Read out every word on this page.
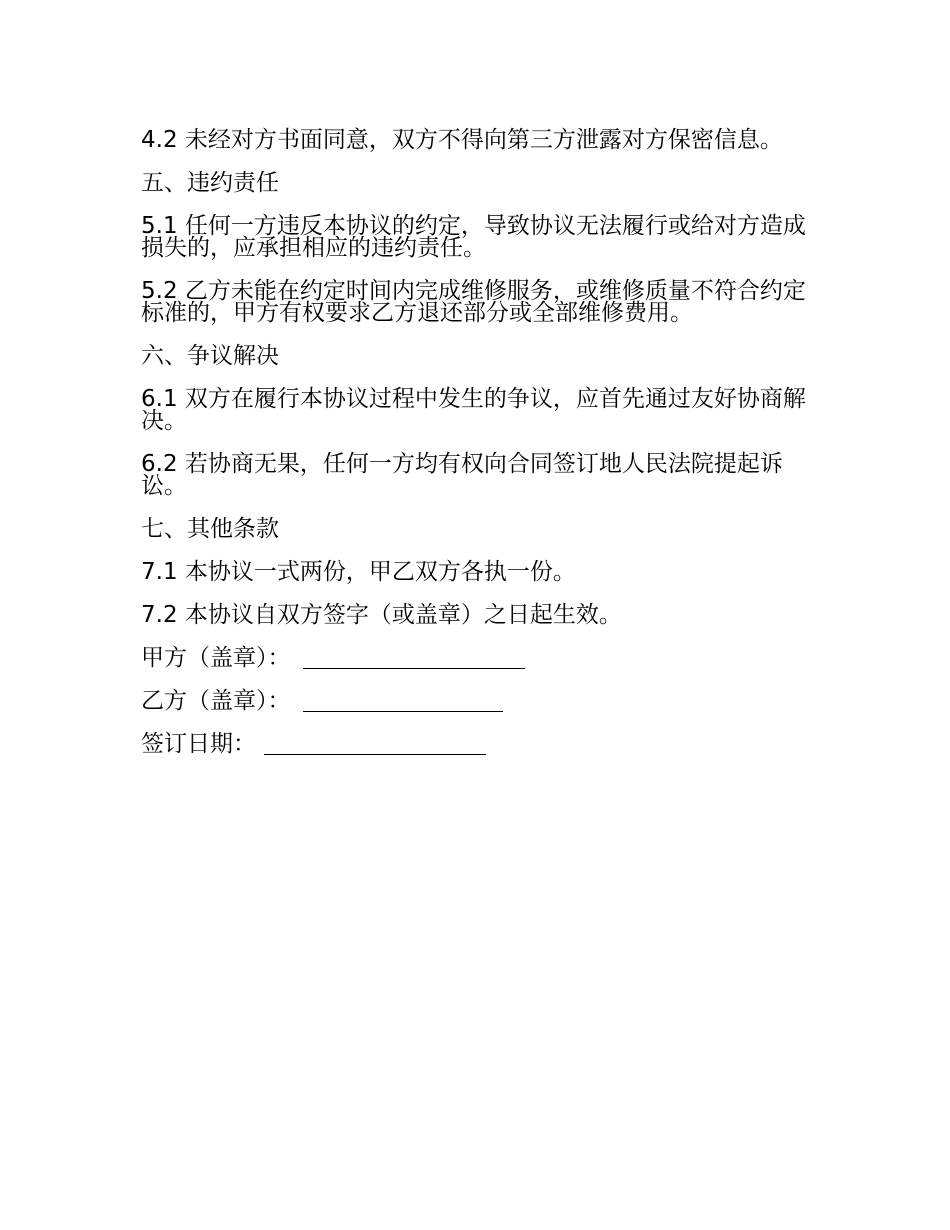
4.2 未经对方书面同意，双方不得向第三方泄露对方保密信息。

五、违约责任

5.1 任何一方违反本协议的约定，导致协议无法履行或给对方造成损失的，应承担相应的违约责任。

5.2 乙方未能在约定时间内完成维修服务，或维修质量不符合约定标准的，甲方有权要求乙方退还部分或全部维修费用。

六、争议解决

6.1 双方在履行本协议过程中发生的争议，应首先通过友好协商解决。

6.2 若协商无果，任何一方均有权向合同签订地人民法院提起诉讼。

七、其他条款

7.1 本协议一式两份，甲乙双方各执一份。

7.2 本协议自双方签字（或盖章）之日起生效。

甲方（盖章）：
乙方（盖章）：
签订日期：
